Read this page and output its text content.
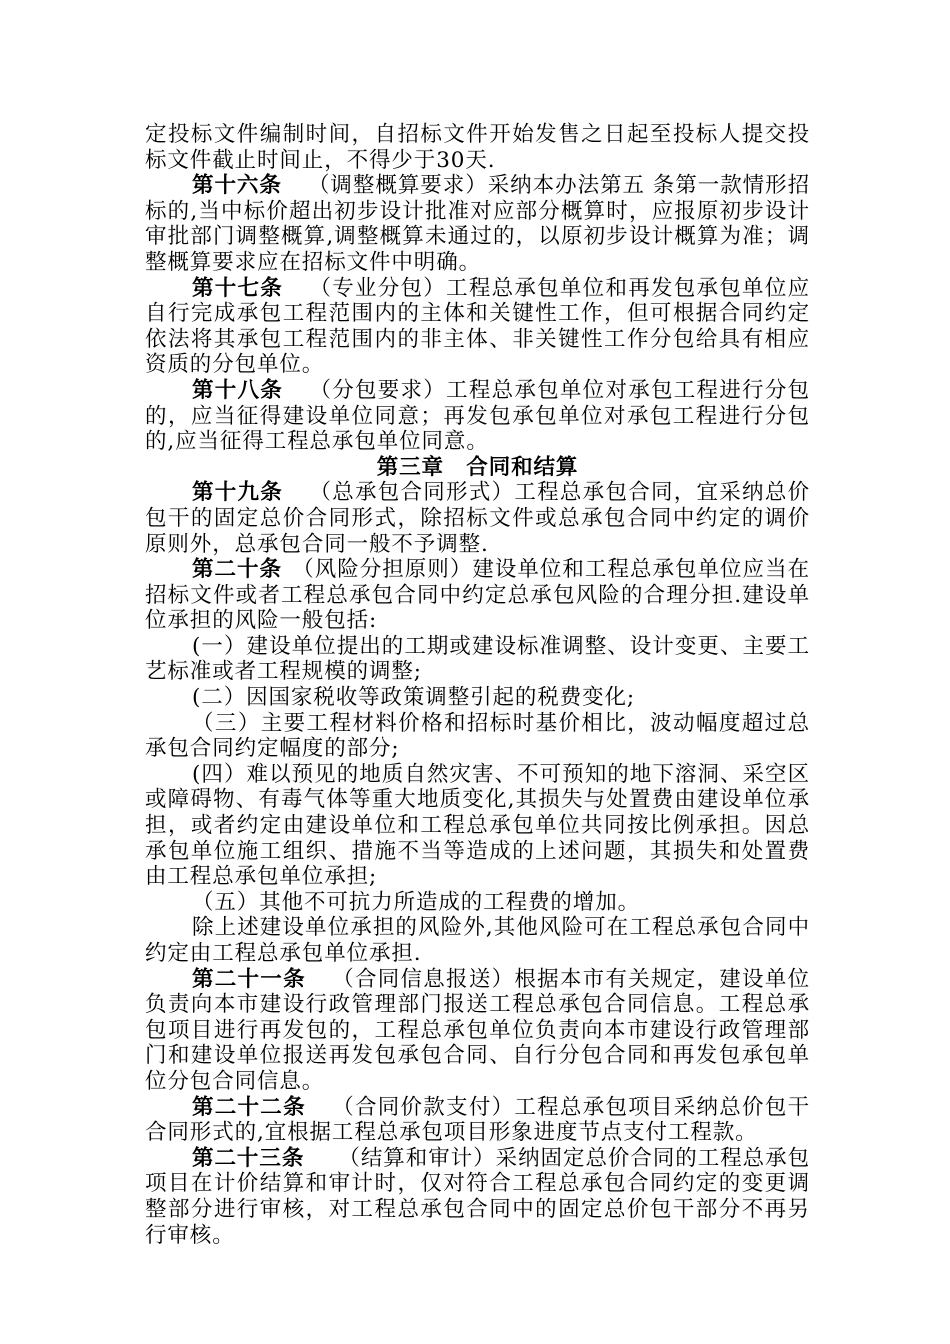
定投标文件编制时间，自招标文件开始发售之日起至投标人提交投标文件截止时间止，不得少于30天.

第十六条 （调整概算要求）采纳本办法第五 条第一款情形招标的,当中标价超出初步设计批准对应部分概算时，应报原初步设计审批部门调整概算,调整概算未通过的，以原初步设计概算为准；调整概算要求应在招标文件中明确。

第十七条 （专业分包）工程总承包单位和再发包承包单位应自行完成承包工程范围内的主体和关键性工作，但可根据合同约定依法将其承包工程范围内的非主体、非关键性工作分包给具有相应资质的分包单位。

第十八条 （分包要求）工程总承包单位对承包工程进行分包的，应当征得建设单位同意；再发包承包单位对承包工程进行分包的,应当征得工程总承包单位同意。

第三章　合同和结算

第十九条 （总承包合同形式）工程总承包合同，宜采纳总价包干的固定总价合同形式，除招标文件或总承包合同中约定的调价原则外，总承包合同一般不予调整.

第二十条 （风险分担原则）建设单位和工程总承包单位应当在招标文件或者工程总承包合同中约定总承包风险的合理分担.建设单位承担的风险一般包括:

(一）建设单位提出的工期或建设标准调整、设计变更、主要工艺标准或者工程规模的调整;

(二）因国家税收等政策调整引起的税费变化;

（三）主要工程材料价格和招标时基价相比，波动幅度超过总承包合同约定幅度的部分;

(四）难以预见的地质自然灾害、不可预知的地下溶洞、采空区或障碍物、有毒气体等重大地质变化,其损失与处置费由建设单位承担，或者约定由建设单位和工程总承包单位共同按比例承担。因总承包单位施工组织、措施不当等造成的上述问题，其损失和处置费由工程总承包单位承担;

（五）其他不可抗力所造成的工程费的增加。

除上述建设单位承担的风险外,其他风险可在工程总承包合同中约定由工程总承包单位承担.

第二十一条 （合同信息报送）根据本市有关规定，建设单位负责向本市建设行政管理部门报送工程总承包合同信息。工程总承包项目进行再发包的，工程总承包单位负责向本市建设行政管理部门和建设单位报送再发包承包合同、自行分包合同和再发包承包单位分包合同信息。

第二十二条 （合同价款支付）工程总承包项目采纳总价包干合同形式的,宜根据工程总承包项目形象进度节点支付工程款。

第二十三条 （结算和审计）采纳固定总价合同的工程总承包项目在计价结算和审计时，仅对符合工程总承包合同约定的变更调整部分进行审核，对工程总承包合同中的固定总价包干部分不再另行审核。
